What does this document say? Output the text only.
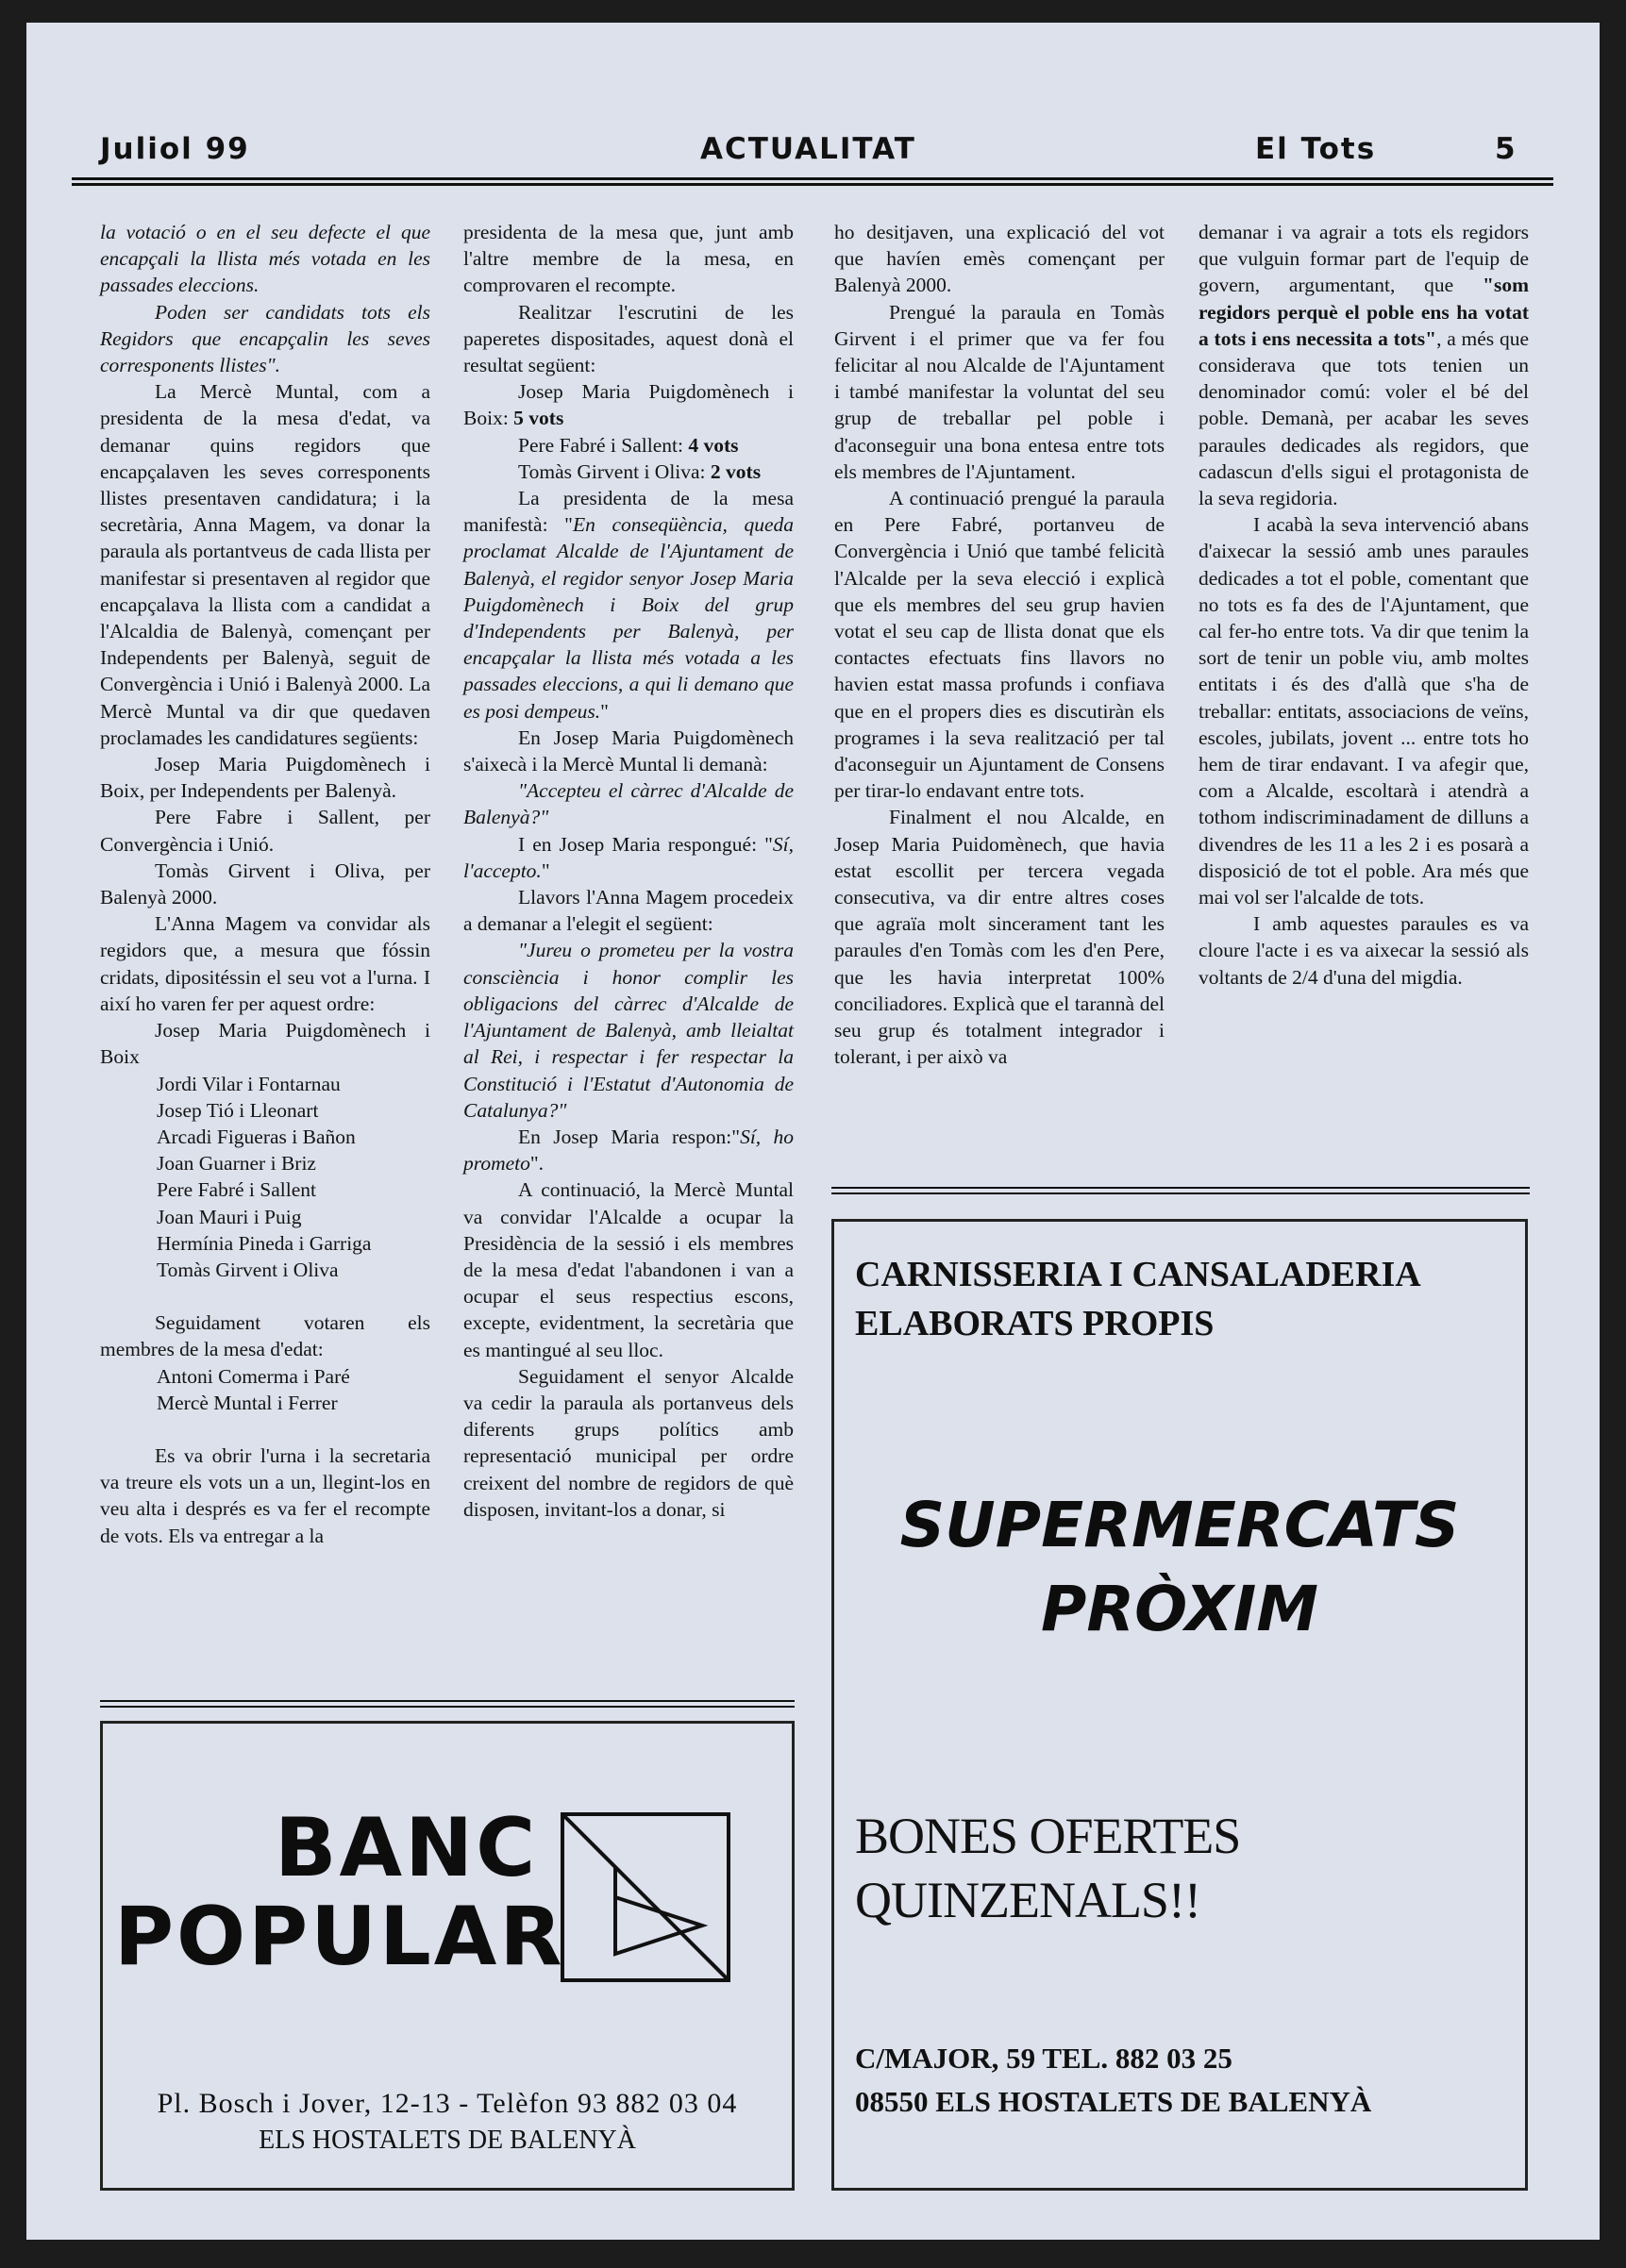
Juliol 99	ACTUALITAT	El Tots	5

la votació o en el seu defecte el que encapçali la llista més votada en les passades eleccions.

Poden ser candidats tots els Regidors que encapçalin les seves corresponents llistes".

La Mercè Muntal, com a presidenta de la mesa d'edat, va demanar quins regidors que encapçalaven les seves corresponents llistes presentaven candidatura; i la secretària, Anna Magem, va donar la paraula als portantveus de cada llista per manifestar si presentaven al regidor que encapçalava la llista com a candidat a l'Alcaldia de Balenyà, començant per Independents per Balenyà, seguit de Convergència i Unió i Balenyà 2000. La Mercè Muntal va dir que quedaven proclamades les candidatures següents:

Josep Maria Puigdomènech i Boix, per Independents per Balenyà.

Pere Fabre i Sallent, per Convergència i Unió.

Tomàs Girvent i Oliva, per Balenyà 2000.

L'Anna Magem va convidar als regidors que, a mesura que fóssin cridats, dipositéssin el seu vot a l'urna. I així ho varen fer per aquest ordre:

Josep Maria Puigdomènech i Boix

Jordi Vilar i Fontarnau

Josep Tió i Lleonart

Arcadi Figueras i Bañon

Joan Guarner i Briz

Pere Fabré i Sallent

Joan Mauri i Puig

Hermínia Pineda i Garriga

Tomàs Girvent i Oliva

Seguidament votaren els membres de la mesa d'edat:

Antoni Comerma i Paré

Mercè Muntal i Ferrer

Es va obrir l'urna i la secretaria va treure els vots un a un, llegint-los en veu alta i després es va fer el recompte de vots. Els va entregar a la

presidenta de la mesa que, junt amb l'altre membre de la mesa, en comprovaren el recompte.

Realitzar l'escrutini de les paperetes dispositades, aquest donà el resultat següent:

Josep Maria Puigdomènech i Boix: 5 vots

Pere Fabré i Sallent: 4 vots

Tomàs Girvent i Oliva: 2 vots

La presidenta de la mesa manifestà: "En conseqüència, queda proclamat Alcalde de l'Ajuntament de Balenyà, el regidor senyor Josep Maria Puigdomènech i Boix del grup d'Independents per Balenyà, per encapçalar la llista més votada a les passades eleccions, a qui li demano que es posi dempeus."

En Josep Maria Puigdomènech s'aixecà i la Mercè Muntal li demanà:

"Accepteu el càrrec d'Alcalde de Balenyà?"

I en Josep Maria respongué: "Sí, l'accepto."

Llavors l'Anna Magem procedeix a demanar a l'elegit el següent:

"Jureu o prometeu per la vostra consciència i honor complir les obligacions del càrrec d'Alcalde de l'Ajuntament de Balenyà, amb lleialtat al Rei, i respectar i fer respectar la Constitució i l'Estatut d'Autonomia de Catalunya?"

En Josep Maria respon:"Sí, ho prometo".

A continuació, la Mercè Muntal va convidar l'Alcalde a ocupar la Presidència de la sessió i els membres de la mesa d'edat l'abandonen i van a ocupar el seus respectius escons, excepte, evidentment, la secretària que es mantingué al seu lloc.

Seguidament el senyor Alcalde va cedir la paraula als portanveus dels diferents grups polítics amb representació municipal per ordre creixent del nombre de regidors de què disposen, invitant-los a donar, si

ho desitjaven, una explicació del vot que havíen emès començant per Balenyà 2000.

Prengué la paraula en Tomàs Girvent i el primer que va fer fou felicitar al nou Alcalde de l'Ajuntament i també manifestar la voluntat del seu grup de treballar pel poble i d'aconseguir una bona entesa entre tots els membres de l'Ajuntament.

A continuació prengué la paraula en Pere Fabré, portanveu de Convergència i Unió que també felicità l'Alcalde per la seva elecció i explicà que els membres del seu grup havien votat el seu cap de llista donat que els contactes efectuats fins llavors no havien estat massa profunds i confiava que en el propers dies es discutiràn els programes i la seva realització per tal d'aconseguir un Ajuntament de Consens per tirar-lo endavant entre tots.

Finalment el nou Alcalde, en Josep Maria Puidomènech, que havia estat escollit per tercera vegada consecutiva, va dir entre altres coses que agraïa molt sincerament tant les paraules d'en Tomàs com les d'en Pere, que les havia interpretat 100% conciliadores. Explicà que el tarannà del seu grup és totalment integrador i tolerant, i per això va

demanar i va agrair a tots els regidors que vulguin formar part de l'equip de govern, argumentant, que "som regidors perquè el poble ens ha votat a tots i ens necessita a tots", a més que considerava que tots tenien un denominador comú: voler el bé del poble. Demanà, per acabar les seves paraules dedicades als regidors, que cadascun d'ells sigui el protagonista de la seva regidoria.

I acabà la seva intervenció abans d'aixecar la sessió amb unes paraules dedicades a tot el poble, comentant que no tots es fa des de l'Ajuntament, que cal fer-ho entre tots. Va dir que tenim la sort de tenir un poble viu, amb moltes entitats i és des d'allà que s'ha de treballar: entitats, associacions de veïns, escoles, jubilats, jovent ... entre tots ho hem de tirar endavant. I va afegir que, com a Alcalde, escoltarà i atendrà a tothom indiscriminadament de dilluns a divendres de les 11 a les 2 i es posarà a disposició de tot el poble. Ara més que mai vol ser l'alcalde de tots.

I amb aquestes paraules es va cloure l'acte i es va aixecar la sessió als voltants de 2/4 d'una del migdia.

BANC
POPULAR
Pl. Bosch i Jover, 12-13 - Telèfon 93 882 03 04
ELS HOSTALETS DE BALENYÀ
CARNISSERIA I CANSALADERIA
ELABORATS PROPIS
SUPERMERCATS
PRÒXIM
BONES OFERTES
QUINZENALS!!
C/MAJOR, 59 TEL. 882 03 25
08550 ELS HOSTALETS DE BALENYÀ
